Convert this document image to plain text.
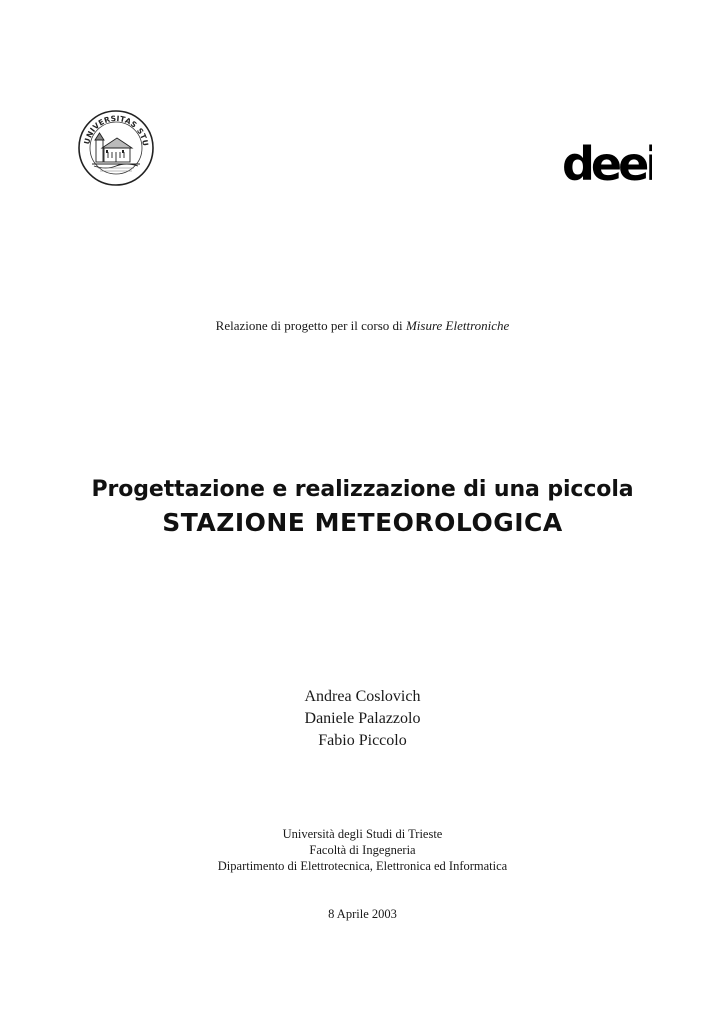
UNIVERSITAS STU	deei
Relazione di progetto per il corso di Misure Elettroniche
Progettazione e realizzazione di una piccola
STAZIONE METEOROLOGICA
Andrea Coslovich
Daniele Palazzolo
Fabio Piccolo
Università degli Studi di Trieste
Facoltà di Ingegneria
Dipartimento di Elettrotecnica, Elettronica ed Informatica
8 Aprile 2003
